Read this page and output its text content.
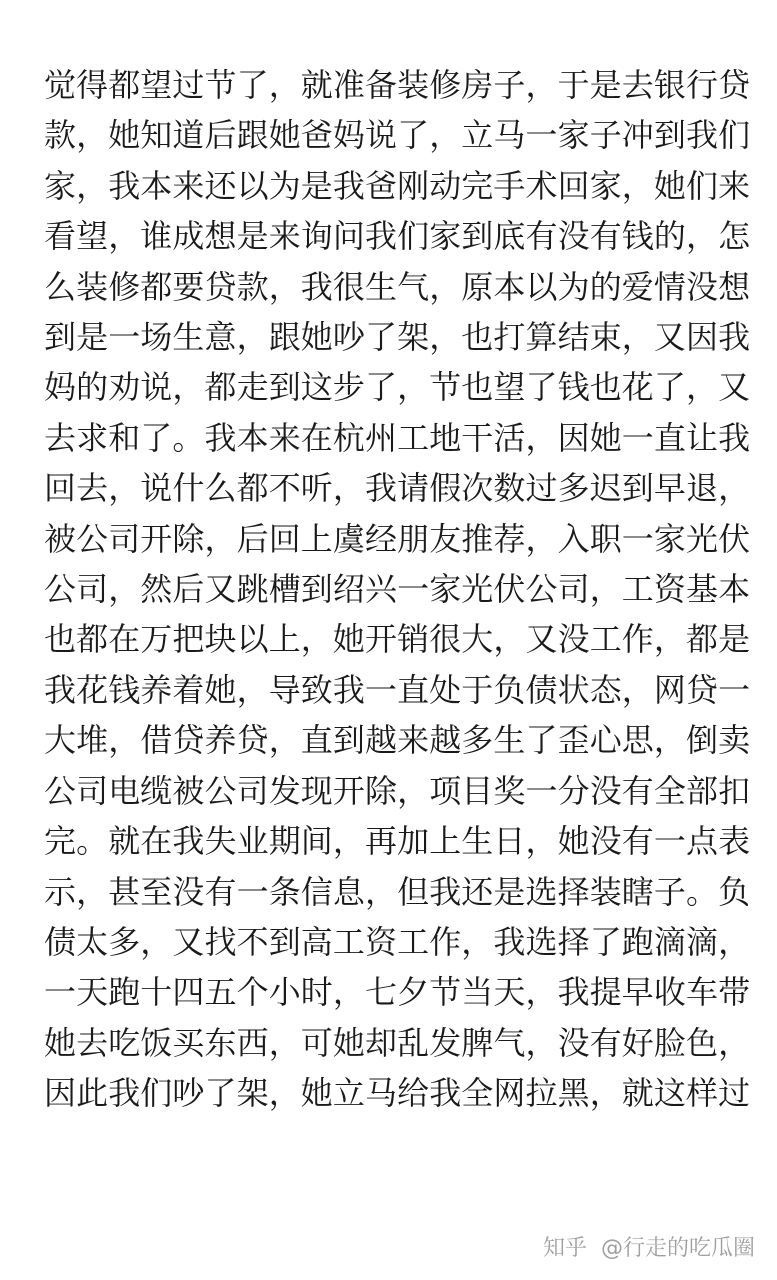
觉得都望过节了，就准备装修房子，于是去银行贷
款，她知道后跟她爸妈说了，立马一家子冲到我们
家，我本来还以为是我爸刚动完手术回家，她们来
看望，谁成想是来询问我们家到底有没有钱的，怎
么装修都要贷款，我很生气，原本以为的爱情没想
到是一场生意，跟她吵了架，也打算结束，又因我
妈的劝说，都走到这步了，节也望了钱也花了，又
去求和了。我本来在杭州工地干活，因她一直让我
回去，说什么都不听，我请假次数过多迟到早退，
被公司开除，后回上虞经朋友推荐，入职一家光伏
公司，然后又跳槽到绍兴一家光伏公司，工资基本
也都在万把块以上，她开销很大，又没工作，都是
我花钱养着她，导致我一直处于负债状态，网贷一
大堆，借贷养贷，直到越来越多生了歪心思，倒卖
公司电缆被公司发现开除，项目奖一分没有全部扣
完。就在我失业期间，再加上生日，她没有一点表
示，甚至没有一条信息，但我还是选择装瞎子。负
债太多，又找不到高工资工作，我选择了跑滴滴，
一天跑十四五个小时，七夕节当天，我提早收车带
她去吃饭买东西，可她却乱发脾气，没有好脸色，
因此我们吵了架，她立马给我全网拉黑，就这样过
知乎 @行走的吃瓜圈
